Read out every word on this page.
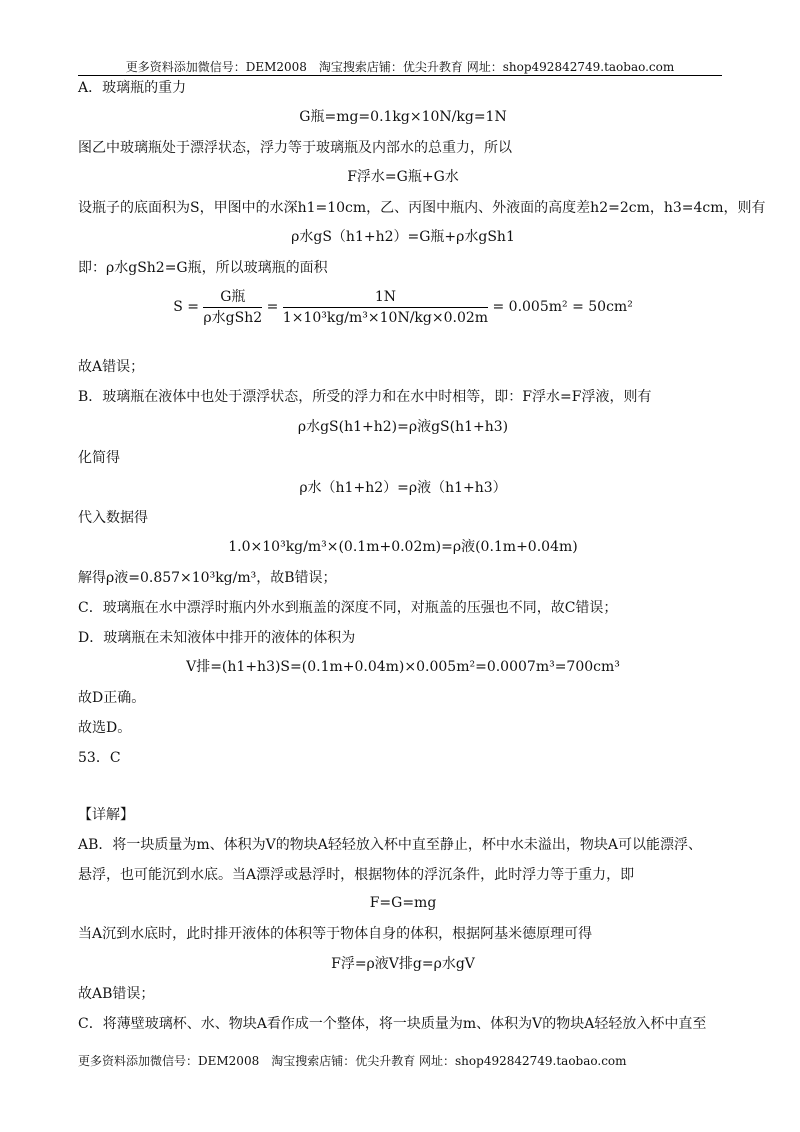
更多资料添加微信号：DEM2008　淘宝搜索店铺：优尖升教育 网址：shop492842749.taobao.com
A．玻璃瓶的重力
G瓶=mg=0.1kg×10N/kg=1N
图乙中玻璃瓶处于漂浮状态，浮力等于玻璃瓶及内部水的总重力，所以
F浮水=G瓶+G水
设瓶子的底面积为S，甲图中的水深h1=10cm，乙、丙图中瓶内、外液面的高度差h2=2cm，h3=4cm，则有
ρ水gS（h1+h2）=G瓶+ρ水gSh1
即：ρ水gSh2=G瓶，所以玻璃瓶的面积
$S = \frac{\text{G瓶}}{\text{ρ水gSh2}} = \frac{1N}{\text{1×10³kg/m³×10N/kg×0.02m}} = 0.005m^2 = 50cm^2$
故A错误；
B．玻璃瓶在液体中也处于漂浮状态，所受的浮力和在水中时相等，即：F浮水=F浮液，则有
ρ水gS(h1+h2)=ρ液gS(h1+h3)
化简得
ρ水（h1+h2）=ρ液（h1+h3）
代入数据得
1.0×10³kg/m³×(0.1m+0.02m)=ρ液(0.1m+0.04m)
解得ρ液=0.857×10³kg/m³，故B错误；
C．玻璃瓶在水中漂浮时瓶内外水到瓶盖的深度不同，对瓶盖的压强也不同，故C错误；
D．玻璃瓶在未知液体中排开的液体的体积为
V排=(h1+h3)S=(0.1m+0.04m)×0.005m²=0.0007m³=700cm³
故D正确。
故选D。
53．C
【详解】
AB．将一块质量为m、体积为V的物块A轻轻放入杯中直至静止，杯中水未溢出，物块A可以能漂浮、
悬浮，也可能沉到水底。当A漂浮或悬浮时，根据物体的浮沉条件，此时浮力等于重力，即
F=G=mg
当A沉到水底时，此时排开液体的体积等于物体自身的体积，根据阿基米德原理可得
F浮=ρ液V排g=ρ水gV
故AB错误；
C．将薄壁玻璃杯、水、物块A看作成一个整体，将一块质量为m、体积为V的物块A轻轻放入杯中直至
更多资料添加微信号：DEM2008　淘宝搜索店铺：优尖升教育 网址：shop492842749.taobao.com
